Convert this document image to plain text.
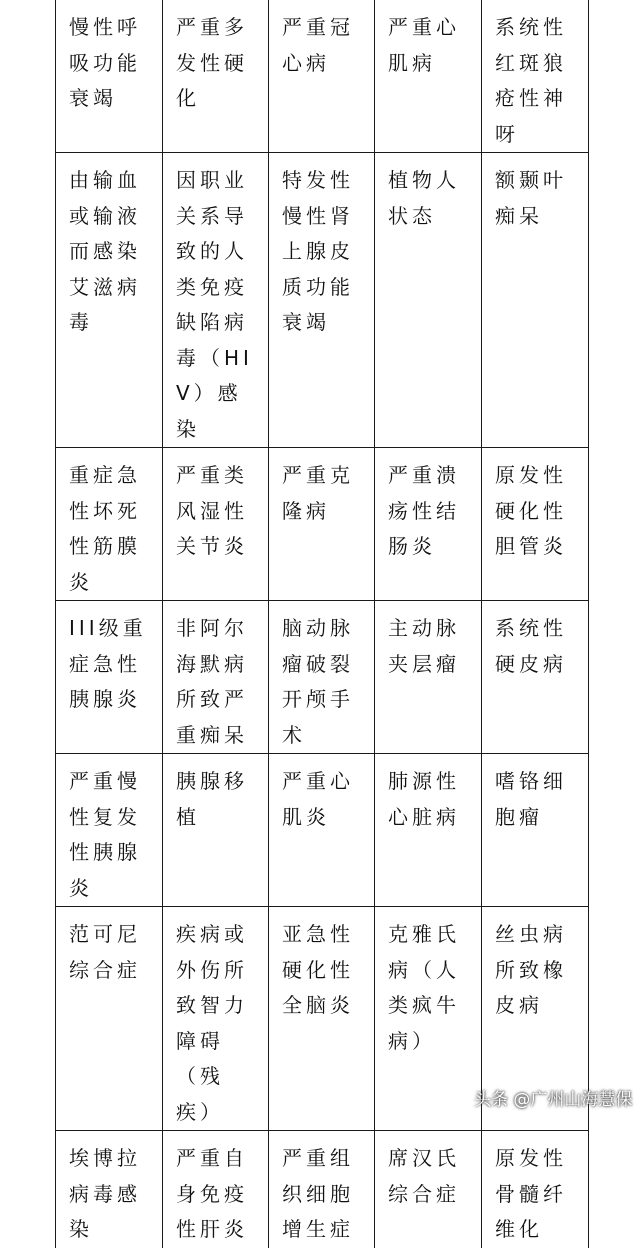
慢性呼吸功能衰竭	严重多发性硬化	严重冠心病	严重心肌病	系统性红斑狼疮性神呀
由输血或输液而感染艾滋病毒	因职业关系导致的人类免疫缺陷病毒（HIV）感染	特发性慢性肾上腺皮质功能衰竭	植物人状态	额颞叶痴呆
重症急性坏死性筋膜炎	严重类风湿性关节炎	严重克隆病	严重溃疡性结肠炎	原发性硬化性胆管炎
III级重症急性胰腺炎	非阿尔海默病所致严重痴呆	脑动脉瘤破裂开颅手术	主动脉夹层瘤	系统性硬皮病
严重慢性复发性胰腺炎	胰腺移植	严重心肌炎	肺源性心脏病	嗜铬细胞瘤
范可尼综合症	疾病或外伤所致智力障碍（残疾）	亚急性硬化性全脑炎	克雅氏病（人类疯牛病）	丝虫病所致橡皮病
埃博拉病毒感染	严重自身免疫性肝炎	严重组织细胞增生症	席汉氏综合症	原发性骨髓纤维化
头条 @广州山海慧保
